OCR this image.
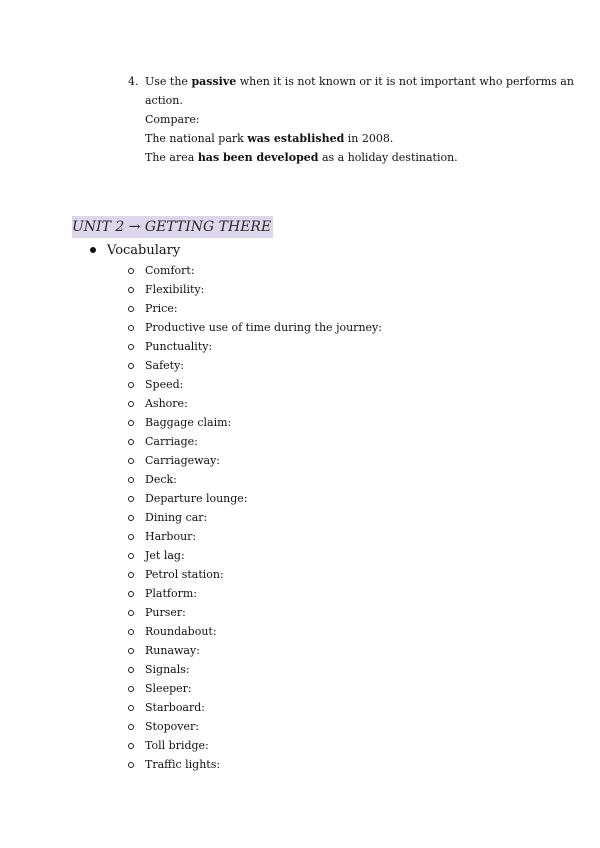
4. Use the passive when it is not known or it is not important who performs an
action.
Compare:
The national park was established in 2008.
The area has been developed as a holiday destination.
UNIT 2 → GETTING THERE
Vocabulary
Comfort:
Flexibility:
Price:
Productive use of time during the journey:
Punctuality:
Safety:
Speed:
Ashore:
Baggage claim:
Carriage:
Carriageway:
Deck:
Departure lounge:
Dining car:
Harbour:
Jet lag:
Petrol station:
Platform:
Purser:
Roundabout:
Runaway:
Signals:
Sleeper:
Starboard:
Stopover:
Toll bridge:
Traffic lights:
